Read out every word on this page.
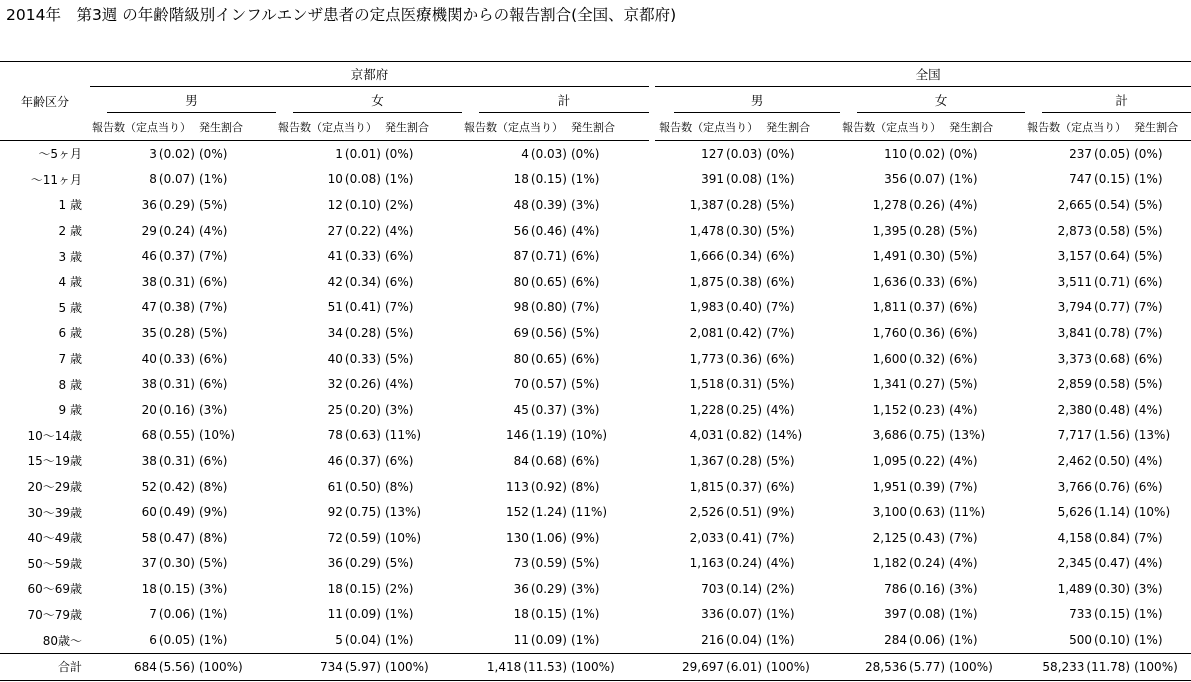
2014年　第3週 の年齢階級別インフルエンザ患者の定点医療機関からの報告割合(全国、京都府)
	京都府										全国								
年齢区分		男			女			計				男			女			計	
	報告数（定点当り）		発生割合	報告数（定点当り）		発生割合	報告数（定点当り）		発生割合		報告数（定点当り）		発生割合	報告数（定点当り）		発生割合	報告数（定点当り）		発生割合
～5ヶ月	3 (0.02)		(0%)	1 (0.01)		(0%)	4 (0.03)		(0%)		127 (0.03)		(0%)	110 (0.02)		(0%)	237 (0.05)		(0%)
～11ヶ月	8 (0.07)		(1%)	10 (0.08)		(1%)	18 (0.15)		(1%)		391 (0.08)		(1%)	356 (0.07)		(1%)	747 (0.15)		(1%)
1 歳	36 (0.29)		(5%)	12 (0.10)		(2%)	48 (0.39)		(3%)		1,387 (0.28)		(5%)	1,278 (0.26)		(4%)	2,665 (0.54)		(5%)
2 歳	29 (0.24)		(4%)	27 (0.22)		(4%)	56 (0.46)		(4%)		1,478 (0.30)		(5%)	1,395 (0.28)		(5%)	2,873 (0.58)		(5%)
3 歳	46 (0.37)		(7%)	41 (0.33)		(6%)	87 (0.71)		(6%)		1,666 (0.34)		(6%)	1,491 (0.30)		(5%)	3,157 (0.64)		(5%)
4 歳	38 (0.31)		(6%)	42 (0.34)		(6%)	80 (0.65)		(6%)		1,875 (0.38)		(6%)	1,636 (0.33)		(6%)	3,511 (0.71)		(6%)
5 歳	47 (0.38)		(7%)	51 (0.41)		(7%)	98 (0.80)		(7%)		1,983 (0.40)		(7%)	1,811 (0.37)		(6%)	3,794 (0.77)		(7%)
6 歳	35 (0.28)		(5%)	34 (0.28)		(5%)	69 (0.56)		(5%)		2,081 (0.42)		(7%)	1,760 (0.36)		(6%)	3,841 (0.78)		(7%)
7 歳	40 (0.33)		(6%)	40 (0.33)		(5%)	80 (0.65)		(6%)		1,773 (0.36)		(6%)	1,600 (0.32)		(6%)	3,373 (0.68)		(6%)
8 歳	38 (0.31)		(6%)	32 (0.26)		(4%)	70 (0.57)		(5%)		1,518 (0.31)		(5%)	1,341 (0.27)		(5%)	2,859 (0.58)		(5%)
9 歳	20 (0.16)		(3%)	25 (0.20)		(3%)	45 (0.37)		(3%)		1,228 (0.25)		(4%)	1,152 (0.23)		(4%)	2,380 (0.48)		(4%)
10～14歳	68 (0.55)		(10%)	78 (0.63)		(11%)	146 (1.19)		(10%)		4,031 (0.82)		(14%)	3,686 (0.75)		(13%)	7,717 (1.56)		(13%)
15～19歳	38 (0.31)		(6%)	46 (0.37)		(6%)	84 (0.68)		(6%)		1,367 (0.28)		(5%)	1,095 (0.22)		(4%)	2,462 (0.50)		(4%)
20～29歳	52 (0.42)		(8%)	61 (0.50)		(8%)	113 (0.92)		(8%)		1,815 (0.37)		(6%)	1,951 (0.39)		(7%)	3,766 (0.76)		(6%)
30～39歳	60 (0.49)		(9%)	92 (0.75)		(13%)	152 (1.24)		(11%)		2,526 (0.51)		(9%)	3,100 (0.63)		(11%)	5,626 (1.14)		(10%)
40～49歳	58 (0.47)		(8%)	72 (0.59)		(10%)	130 (1.06)		(9%)		2,033 (0.41)		(7%)	2,125 (0.43)		(7%)	4,158 (0.84)		(7%)
50～59歳	37 (0.30)		(5%)	36 (0.29)		(5%)	73 (0.59)		(5%)		1,163 (0.24)		(4%)	1,182 (0.24)		(4%)	2,345 (0.47)		(4%)
60～69歳	18 (0.15)		(3%)	18 (0.15)		(2%)	36 (0.29)		(3%)		703 (0.14)		(2%)	786 (0.16)		(3%)	1,489 (0.30)		(3%)
70～79歳	7 (0.06)		(1%)	11 (0.09)		(1%)	18 (0.15)		(1%)		336 (0.07)		(1%)	397 (0.08)		(1%)	733 (0.15)		(1%)
80歳～	6 (0.05)		(1%)	5 (0.04)		(1%)	11 (0.09)		(1%)		216 (0.04)		(1%)	284 (0.06)		(1%)	500 (0.10)		(1%)
合計	684 (5.56)		(100%)	734 (5.97)		(100%)	1,418 (11.53)		(100%)		29,697 (6.01)		(100%)	28,536 (5.77)		(100%)	58,233 (11.78)		(100%)
